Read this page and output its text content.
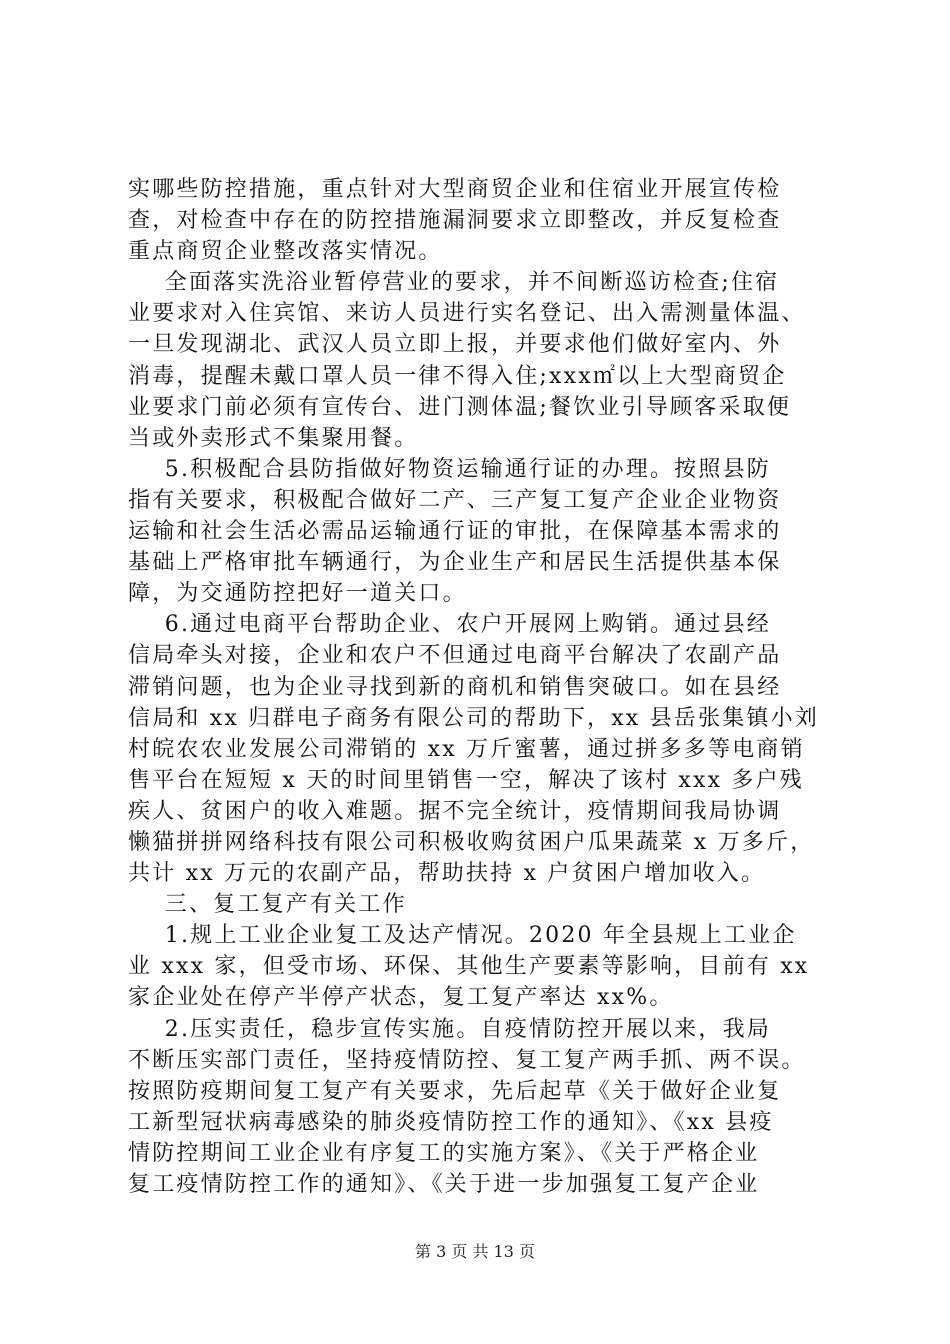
实哪些防控措施，重点针对大型商贸企业和住宿业开展宣传检
查，对检查中存在的防控措施漏洞要求立即整改，并反复检查
重点商贸企业整改落实情况。
全面落实洗浴业暂停营业的要求，并不间断巡访检查;住宿
业要求对入住宾馆、来访人员进行实名登记、出入需测量体温、
一旦发现湖北、武汉人员立即上报，并要求他们做好室内、外
消毒，提醒未戴口罩人员一律不得入住;xxx㎡以上大型商贸企
业要求门前必须有宣传台、进门测体温;餐饮业引导顾客采取便
当或外卖形式不集聚用餐。
5.积极配合县防指做好物资运输通行证的办理。按照县防
指有关要求，积极配合做好二产、三产复工复产企业企业物资
运输和社会生活必需品运输通行证的审批，在保障基本需求的
基础上严格审批车辆通行，为企业生产和居民生活提供基本保
障，为交通防控把好一道关口。
6.通过电商平台帮助企业、农户开展网上购销。通过县经
信局牵头对接，企业和农户不但通过电商平台解决了农副产品
滞销问题，也为企业寻找到新的商机和销售突破口。如在县经
信局和 xx 归群电子商务有限公司的帮助下，xx 县岳张集镇小刘
村皖农农业发展公司滞销的 xx 万斤蜜薯，通过拼多多等电商销
售平台在短短 x 天的时间里销售一空，解决了该村 xxx 多户残
疾人、贫困户的收入难题。据不完全统计，疫情期间我局协调
懒猫拼拼网络科技有限公司积极收购贫困户瓜果蔬菜 x 万多斤，
共计 xx 万元的农副产品，帮助扶持 x 户贫困户增加收入。
三、复工复产有关工作
1.规上工业企业复工及达产情况。2020 年全县规上工业企
业 xxx 家，但受市场、环保、其他生产要素等影响，目前有 xx
家企业处在停产半停产状态，复工复产率达 xx%。
2.压实责任，稳步宣传实施。自疫情防控开展以来，我局
不断压实部门责任，坚持疫情防控、复工复产两手抓、两不误。
按照防疫期间复工复产有关要求，先后起草《关于做好企业复
工新型冠状病毒感染的肺炎疫情防控工作的通知》、《xx 县疫
情防控期间工业企业有序复工的实施方案》、《关于严格企业
复工疫情防控工作的通知》、《关于进一步加强复工复产企业
第 3 页 共 13 页
